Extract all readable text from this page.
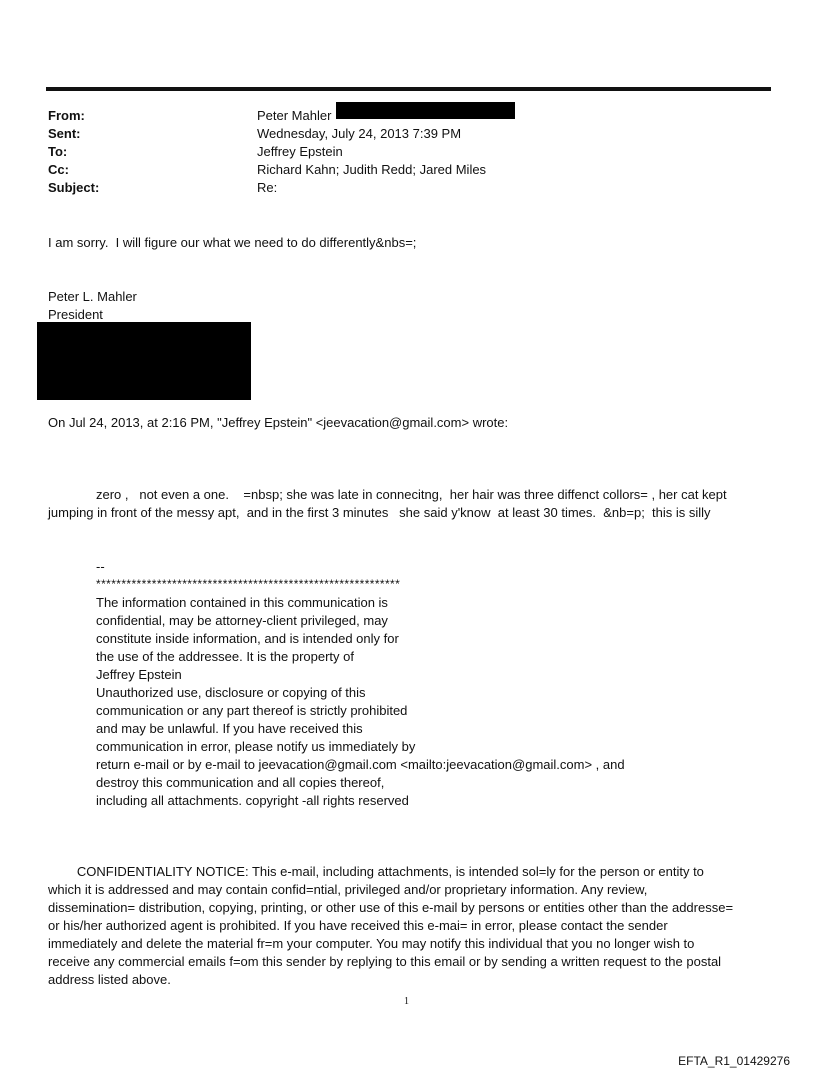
From:	Peter Mahler
Sent:	Wednesday, July 24, 2013 7:39 PM
To:	Jeffrey Epstein
Cc:	Richard Kahn; Judith Redd; Jared Miles
Subject:	Re:
I am sorry.  I will figure our what we need to do differently&nbs=;
Peter L. Mahler
President
On Jul 24, 2013, at 2:16 PM, "Jeffrey Epstein" <jeevacation@gmail.com> wrote:
zero ,   not even a one.    =nbsp; she was late in connecitng,  her hair was three diffenct collors= , her cat kept
jumping in front of the messy apt,  and in the first 3 minutes   she said y'know  at least 30 times.  &nb=p;  this is silly
--
************************************************************
The information contained in this communication is
confidential, may be attorney-client privileged, may
constitute inside information, and is intended only for
the use of the addressee. It is the property of
Jeffrey Epstein
Unauthorized use, disclosure or copying of this
communication or any part thereof is strictly prohibited
and may be unlawful. If you have received this
communication in error, please notify us immediately by
return e-mail or by e-mail to jeevacation@gmail.com <mailto:jeevacation@gmail.com> , and
destroy this communication and all copies thereof,
including all attachments. copyright -all rights reserved
CONFIDENTIALITY NOTICE: This e-mail, including attachments, is intended sol=ly for the person or entity to
which it is addressed and may contain confid=ntial, privileged and/or proprietary information. Any review,
dissemination= distribution, copying, printing, or other use of this e-mail by persons or entities other than the addresse=
or his/her authorized agent is prohibited. If you have received this e-mai= in error, please contact the sender
immediately and delete the material fr=m your computer. You may notify this individual that you no longer wish to
receive any commercial emails f=om this sender by replying to this email or by sending a written request to the postal
address listed above.
1
EFTA_R1_01429276
